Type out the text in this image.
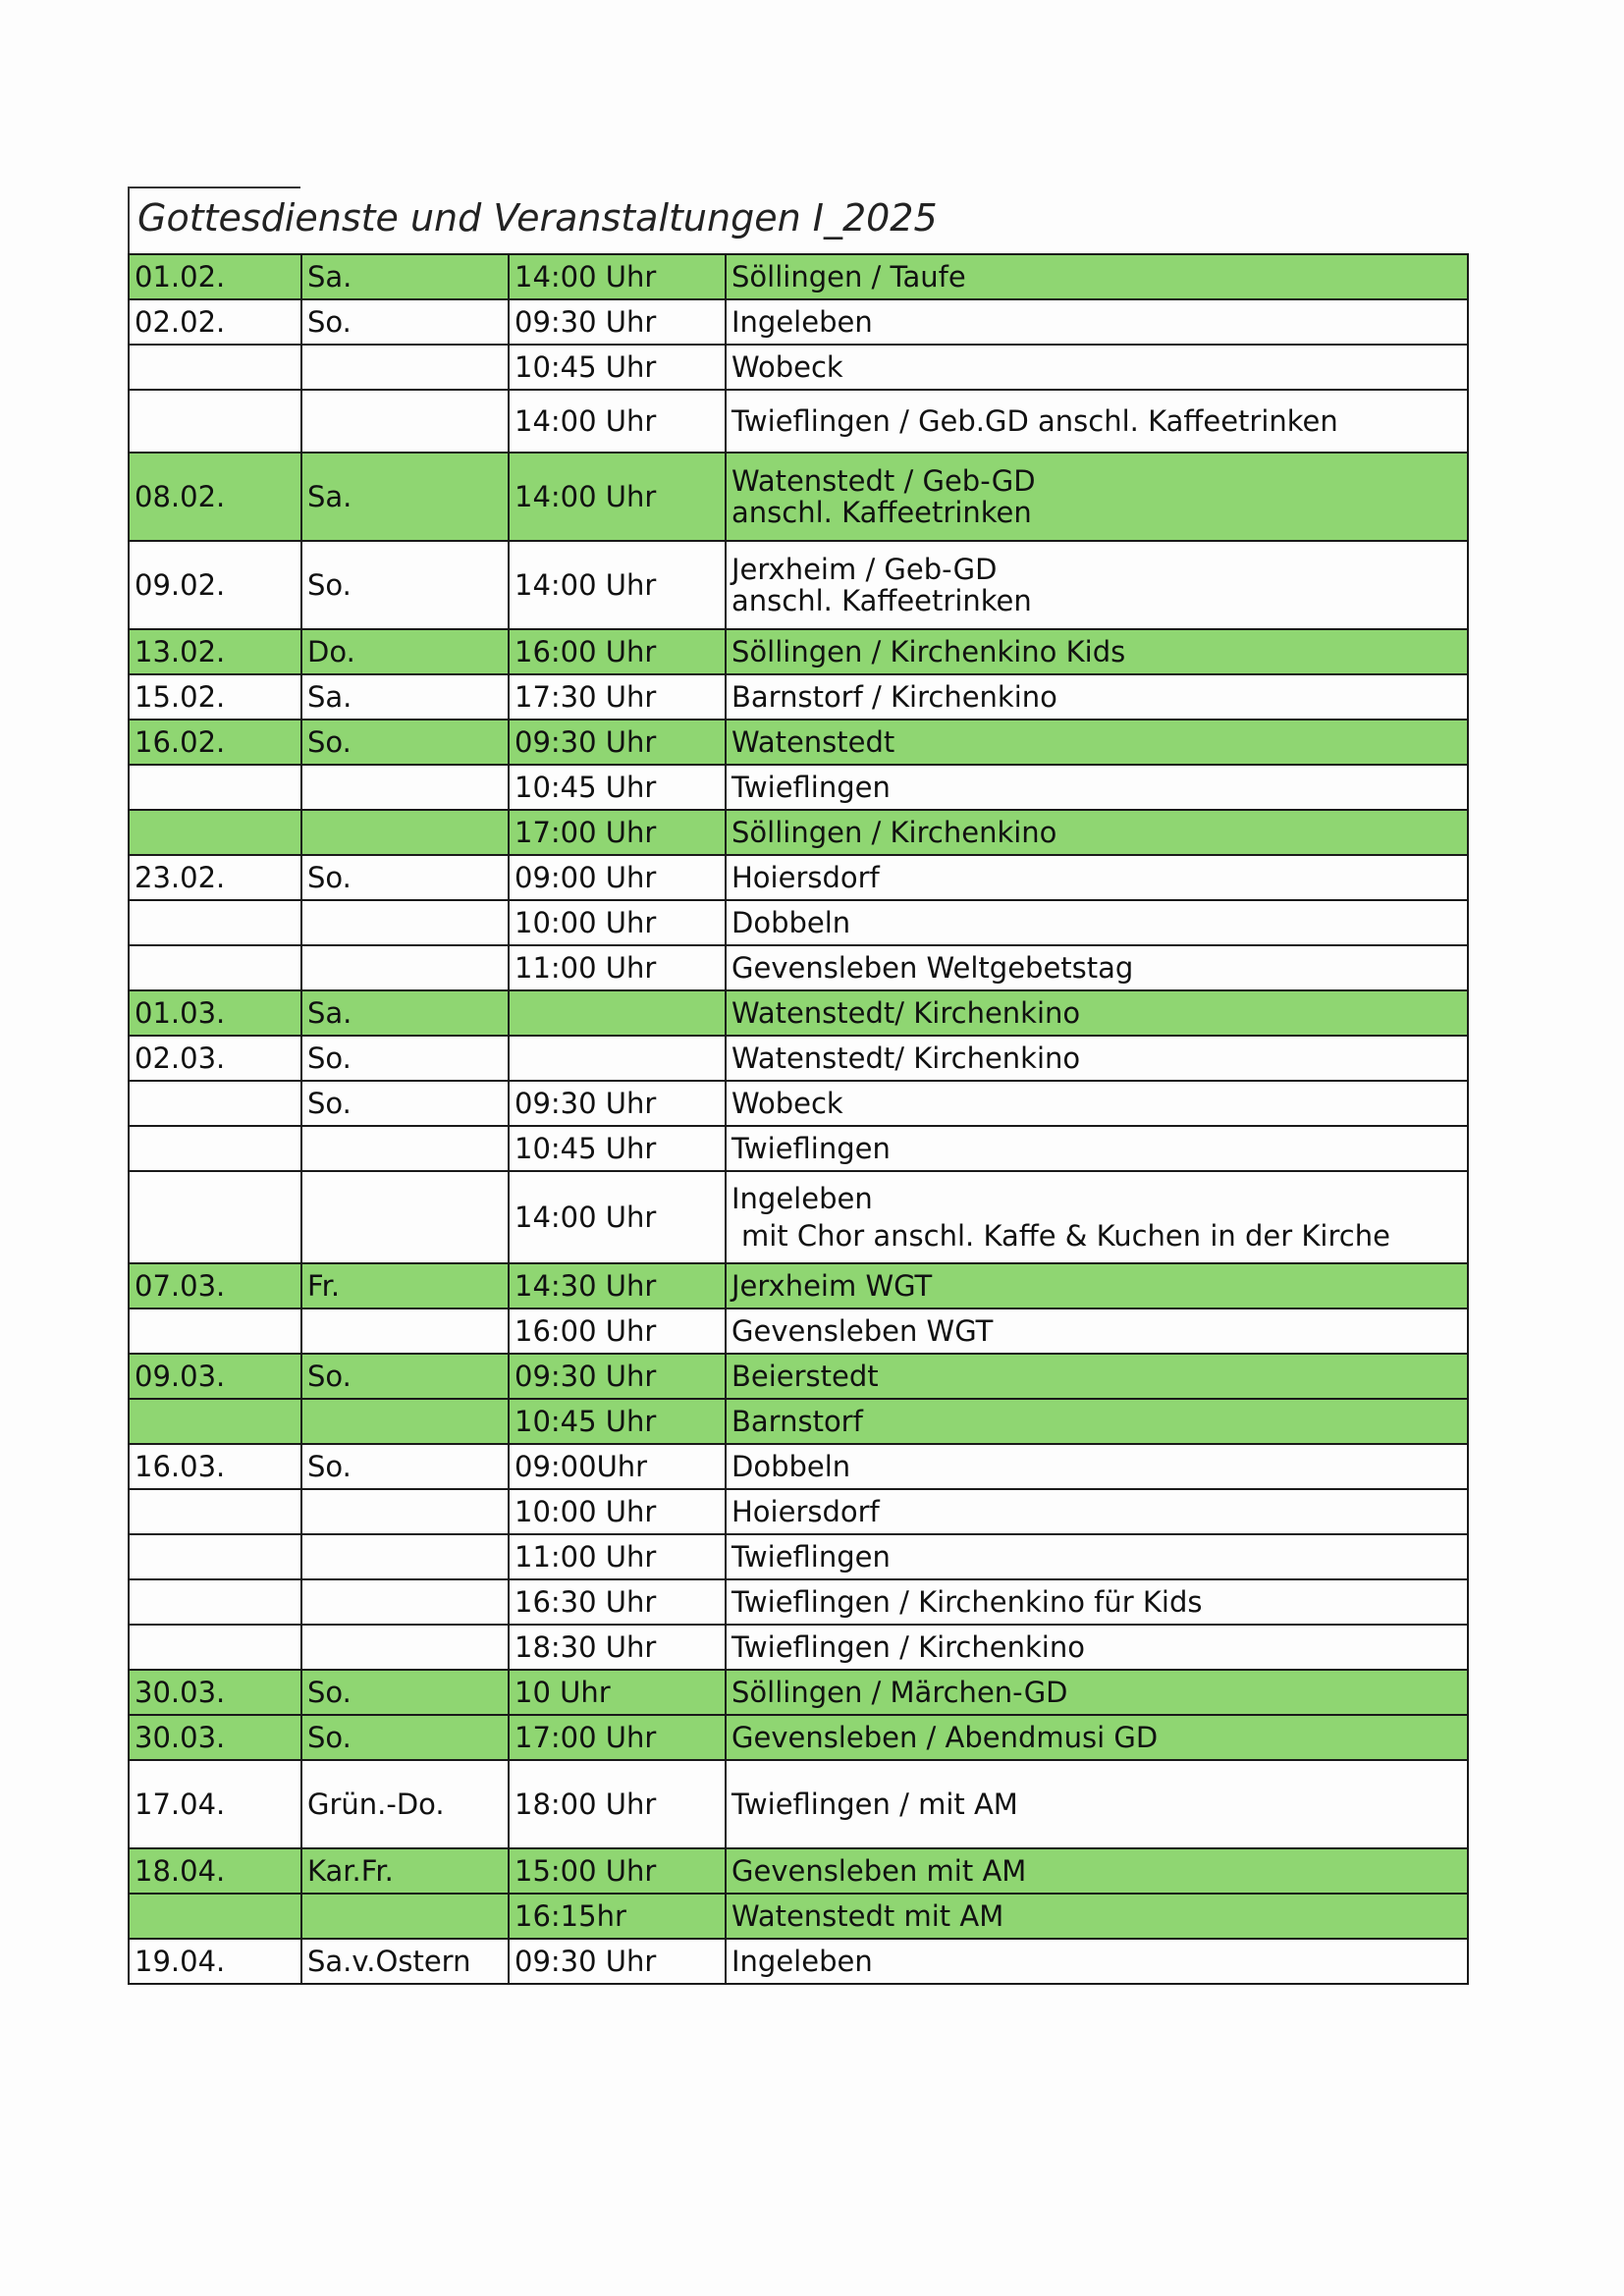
Gottesdienste und Veranstaltungen I_2025
01.02.	Sa.	14:00 Uhr	Söllingen / Taufe

02.02.	So.	09:30 Uhr	Ingeleben

		10:45 Uhr	Wobeck

		14:00 Uhr	Twieflingen / Geb.GD anschl. Kaffeetrinken

08.02.	Sa.	14:00 Uhr	Watenstedt / Geb-GD
anschl. Kaffeetrinken

09.02.	So.	14:00 Uhr	Jerxheim / Geb-GD
anschl. Kaffeetrinken

13.02.	Do.	16:00 Uhr	Söllingen / Kirchenkino Kids

15.02.	Sa.	17:30 Uhr	Barnstorf / Kirchenkino

16.02.	So.	09:30 Uhr	Watenstedt

		10:45 Uhr	Twieflingen

		17:00 Uhr	Söllingen / Kirchenkino

23.02.	So.	09:00 Uhr	Hoiersdorf

		10:00 Uhr	Dobbeln

		11:00 Uhr	Gevensleben Weltgebetstag

01.03.	Sa.		Watenstedt/ Kirchenkino

02.03.	So.		Watenstedt/ Kirchenkino

	So.	09:30 Uhr	Wobeck

		10:45 Uhr	Twieflingen

		14:00 Uhr	Ingeleben
mit Chor anschl. Kaffe & Kuchen in der Kirche

07.03.	Fr.	14:30 Uhr	Jerxheim WGT

		16:00 Uhr	Gevensleben WGT

09.03.	So.	09:30 Uhr	Beierstedt

		10:45 Uhr	Barnstorf

16.03.	So.	09:00Uhr	Dobbeln

		10:00 Uhr	Hoiersdorf

		11:00 Uhr	Twieflingen

		16:30 Uhr	Twieflingen / Kirchenkino für Kids

		18:30 Uhr	Twieflingen / Kirchenkino

30.03.	So.	10 Uhr	Söllingen / Märchen-GD

30.03.	So.	17:00 Uhr	Gevensleben / Abendmusi GD

17.04.	Grün.-Do.	18:00 Uhr	Twieflingen / mit AM

18.04.	Kar.Fr.	15:00 Uhr	Gevensleben mit AM

		16:15hr	Watenstedt mit AM

19.04.	Sa.v.Ostern	09:30 Uhr	Ingeleben
